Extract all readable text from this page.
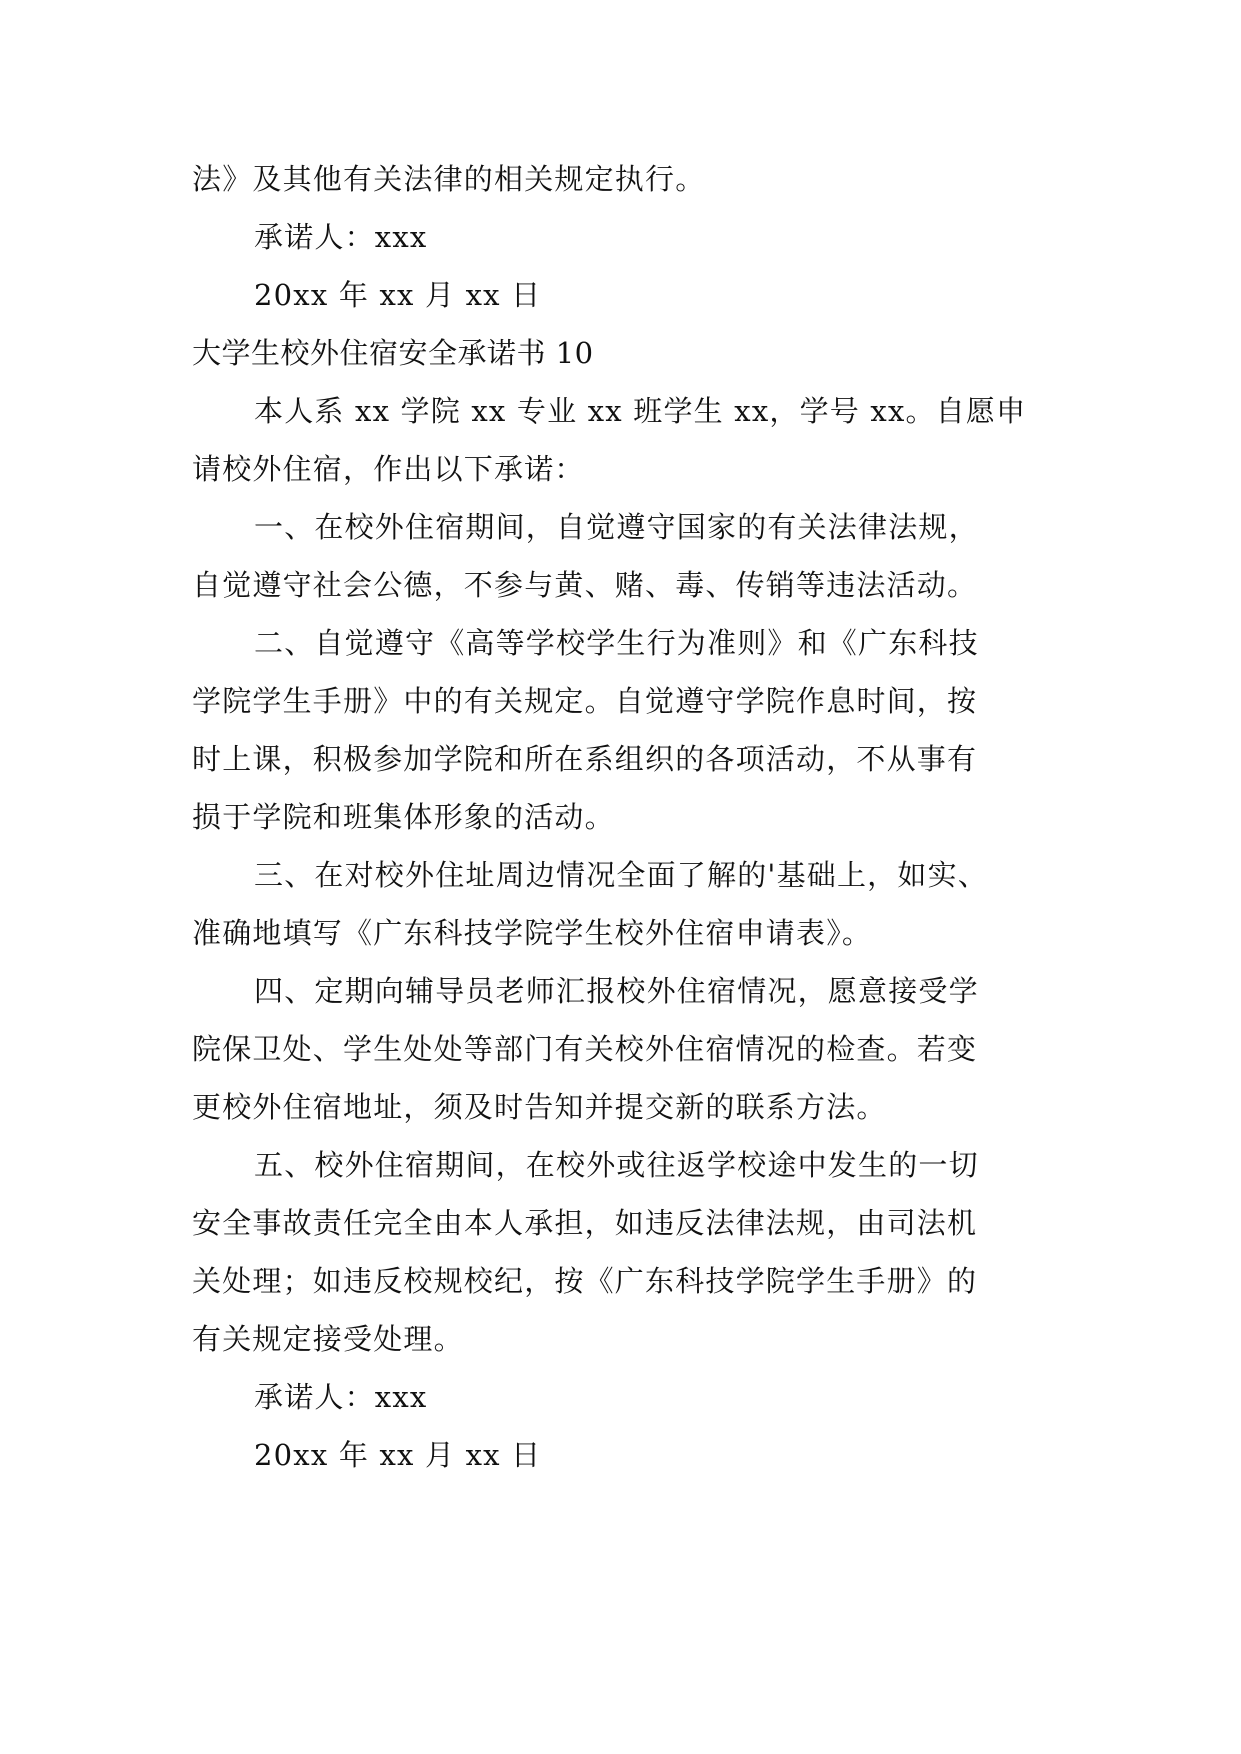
法》及其他有关法律的相关规定执行。
承诺人：xxx
20xx 年 xx 月 xx 日
大学生校外住宿安全承诺书 10
本人系 xx 学院 xx 专业 xx 班学生 xx，学号 xx。自愿申
请校外住宿，作出以下承诺：
一、在校外住宿期间，自觉遵守国家的有关法律法规，
自觉遵守社会公德，不参与黄、赌、毒、传销等违法活动。
二、自觉遵守《高等学校学生行为准则》和《广东科技
学院学生手册》中的有关规定。自觉遵守学院作息时间，按
时上课，积极参加学院和所在系组织的各项活动，不从事有
损于学院和班集体形象的活动。
三、在对校外住址周边情况全面了解的'基础上，如实、
准确地填写《广东科技学院学生校外住宿申请表》。
四、定期向辅导员老师汇报校外住宿情况，愿意接受学
院保卫处、学生处处等部门有关校外住宿情况的检查。若变
更校外住宿地址，须及时告知并提交新的联系方法。
五、校外住宿期间，在校外或往返学校途中发生的一切
安全事故责任完全由本人承担，如违反法律法规，由司法机
关处理；如违反校规校纪，按《广东科技学院学生手册》的
有关规定接受处理。
承诺人：xxx
20xx 年 xx 月 xx 日
